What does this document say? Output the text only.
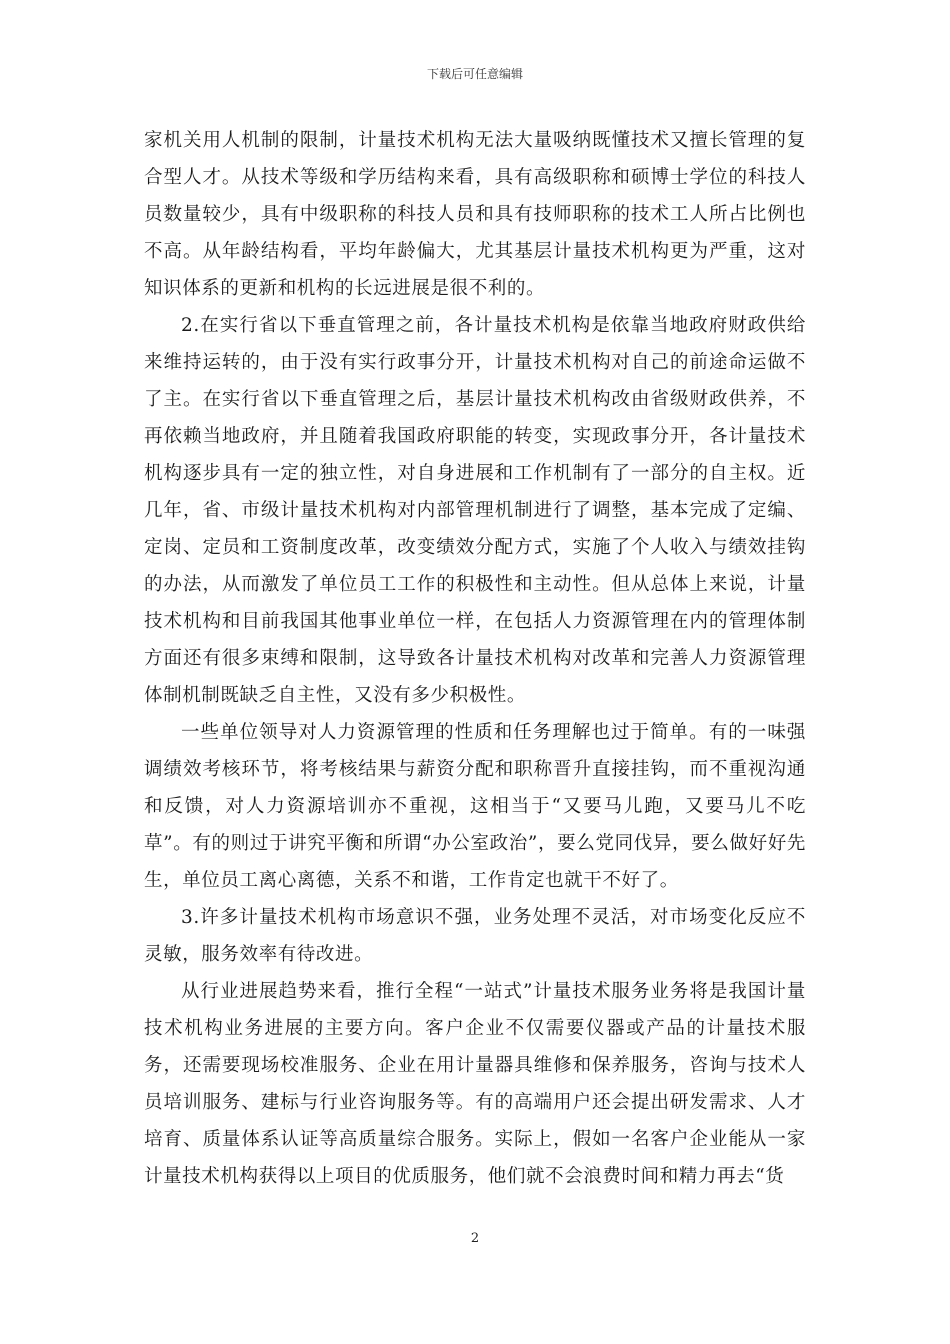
下载后可任意编辑

家机关用人机制的限制，计量技术机构无法大量吸纳既懂技术又擅长管理的复合型人才。从技术等级和学历结构来看，具有高级职称和硕博士学位的科技人员数量较少，具有中级职称的科技人员和具有技师职称的技术工人所占比例也不高。从年龄结构看，平均年龄偏大，尤其基层计量技术机构更为严重，这对知识体系的更新和机构的长远进展是很不利的。

2.在实行省以下垂直管理之前，各计量技术机构是依靠当地政府财政供给来维持运转的，由于没有实行政事分开，计量技术机构对自己的前途命运做不了主。在实行省以下垂直管理之后，基层计量技术机构改由省级财政供养，不再依赖当地政府，并且随着我国政府职能的转变，实现政事分开，各计量技术机构逐步具有一定的独立性，对自身进展和工作机制有了一部分的自主权。近几年，省、市级计量技术机构对内部管理机制进行了调整，基本完成了定编、定岗、定员和工资制度改革，改变绩效分配方式，实施了个人收入与绩效挂钩的办法，从而激发了单位员工工作的积极性和主动性。但从总体上来说，计量技术机构和目前我国其他事业单位一样，在包括人力资源管理在内的管理体制方面还有很多束缚和限制，这导致各计量技术机构对改革和完善人力资源管理体制机制既缺乏自主性，又没有多少积极性。

一些单位领导对人力资源管理的性质和任务理解也过于简单。有的一味强调绩效考核环节，将考核结果与薪资分配和职称晋升直接挂钩，而不重视沟通和反馈，对人力资源培训亦不重视，这相当于“又要马儿跑，又要马儿不吃草”。有的则过于讲究平衡和所谓“办公室政治”，要么党同伐异，要么做好好先生，单位员工离心离德，关系不和谐，工作肯定也就干不好了。

3.许多计量技术机构市场意识不强，业务处理不灵活，对市场变化反应不灵敏，服务效率有待改进。

从行业进展趋势来看，推行全程“一站式”计量技术服务业务将是我国计量技术机构业务进展的主要方向。客户企业不仅需要仪器或产品的计量技术服务，还需要现场校准服务、企业在用计量器具维修和保养服务，咨询与技术人员培训服务、建标与行业咨询服务等。有的高端用户还会提出研发需求、人才培育、质量体系认证等高质量综合服务。实际上，假如一名客户企业能从一家计量技术机构获得以上项目的优质服务，他们就不会浪费时间和精力再去“货

2
